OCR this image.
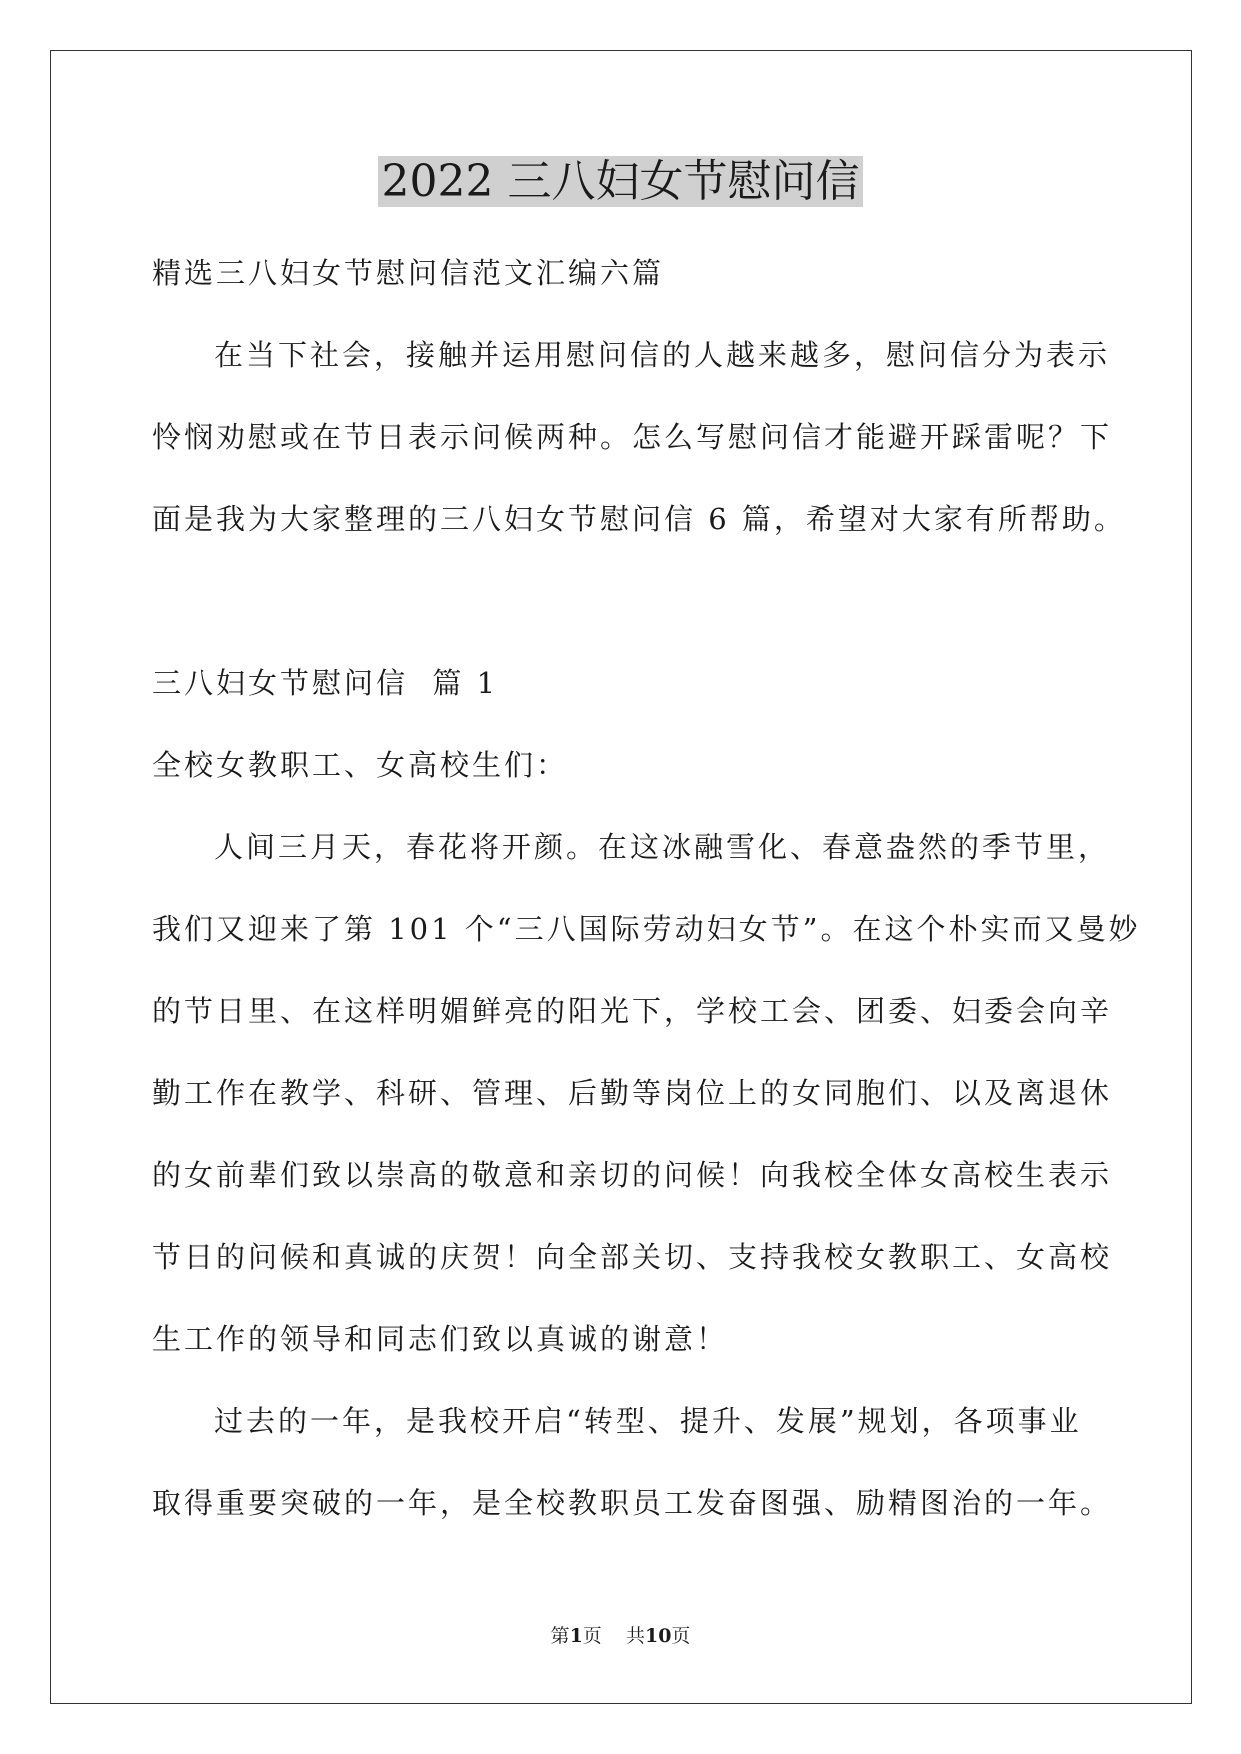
2022 三八妇女节慰问信

精选三八妇女节慰问信范文汇编六篇

在当下社会，接触并运用慰问信的人越来越多，慰问信分为表示

怜悯劝慰或在节日表示问候两种。怎么写慰问信才能避开踩雷呢？下

面是我为大家整理的三八妇女节慰问信 6 篇，希望对大家有所帮助。

三八妇女节慰问信  篇 1

全校女教职工、女高校生们：

人间三月天，春花将开颜。在这冰融雪化、春意盎然的季节里，

我们又迎来了第 101 个“三八国际劳动妇女节”。在这个朴实而又曼妙

的节日里、在这样明媚鲜亮的阳光下，学校工会、团委、妇委会向辛

勤工作在教学、科研、管理、后勤等岗位上的女同胞们、以及离退休

的女前辈们致以崇高的敬意和亲切的问候！向我校全体女高校生表示

节日的问候和真诚的庆贺！向全部关切、支持我校女教职工、女高校

生工作的领导和同志们致以真诚的谢意！

过去的一年，是我校开启“转型、提升、发展”规划，各项事业

取得重要突破的一年，是全校教职员工发奋图强、励精图治的一年。

第1页    共10页
